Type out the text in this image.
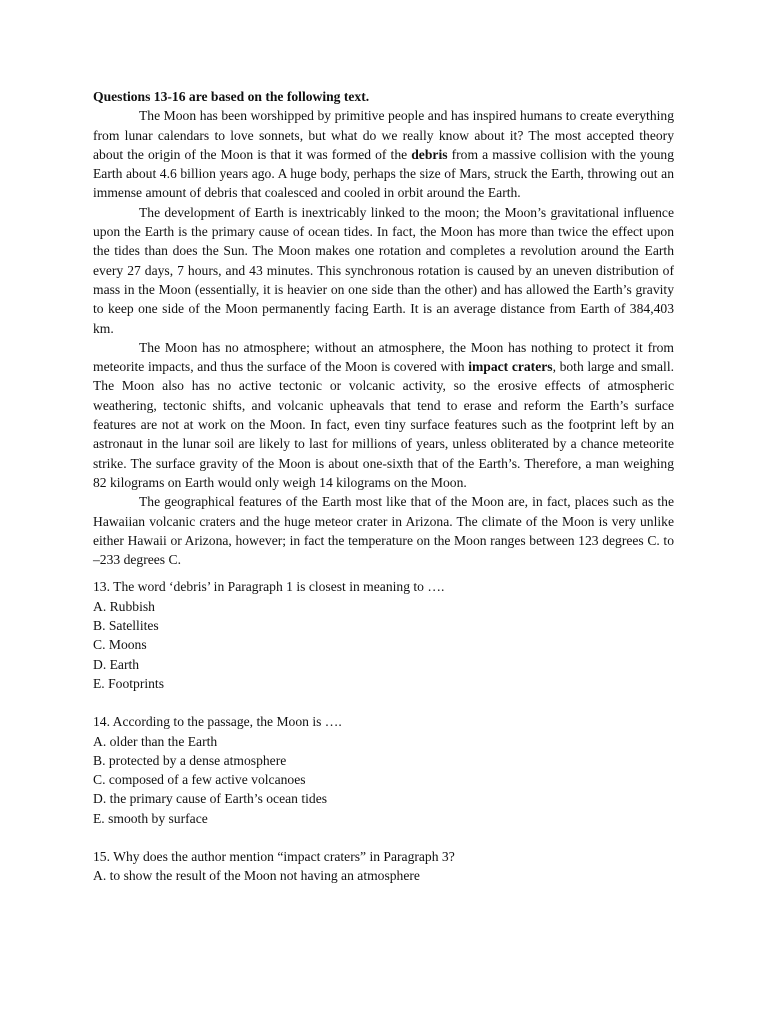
Questions 13-16 are based on the following text.

The Moon has been worshipped by primitive people and has inspired humans to create everything from lunar calendars to love sonnets, but what do we really know about it? The most accepted theory about the origin of the Moon is that it was formed of the debris from a massive collision with the young Earth about 4.6 billion years ago. A huge body, perhaps the size of Mars, struck the Earth, throwing out an immense amount of debris that coalesced and cooled in orbit around the Earth.

The development of Earth is inextricably linked to the moon; the Moon’s gravitational influence upon the Earth is the primary cause of ocean tides. In fact, the Moon has more than twice the effect upon the tides than does the Sun. The Moon makes one rotation and completes a revolution around the Earth every 27 days, 7 hours, and 43 minutes. This synchronous rotation is caused by an uneven distribution of mass in the Moon (essentially, it is heavier on one side than the other) and has allowed the Earth’s gravity to keep one side of the Moon permanently facing Earth. It is an average distance from Earth of 384,403 km.

The Moon has no atmosphere; without an atmosphere, the Moon has nothing to protect it from meteorite impacts, and thus the surface of the Moon is covered with impact craters, both large and small. The Moon also has no active tectonic or volcanic activity, so the erosive effects of atmospheric weathering, tectonic shifts, and volcanic upheavals that tend to erase and reform the Earth’s surface features are not at work on the Moon. In fact, even tiny surface features such as the footprint left by an astronaut in the lunar soil are likely to last for millions of years, unless obliterated by a chance meteorite strike. The surface gravity of the Moon is about one-sixth that of the Earth’s. Therefore, a man weighing 82 kilograms on Earth would only weigh 14 kilograms on the Moon.

The geographical features of the Earth most like that of the Moon are, in fact, places such as the Hawaiian volcanic craters and the huge meteor crater in Arizona. The climate of the Moon is very unlike either Hawaii or Arizona, however; in fact the temperature on the Moon ranges between 123 degrees C. to –233 degrees C.

13. The word ‘debris’ in Paragraph 1 is closest in meaning to ….

A. Rubbish
B. Satellites
C. Moons
D. Earth
E. Footprints

14. According to the passage, the Moon is ….

A. older than the Earth
B. protected by a dense atmosphere
C. composed of a few active volcanoes
D. the primary cause of Earth’s ocean tides
E. smooth by surface

15. Why does the author mention “impact craters” in Paragraph 3?

A. to show the result of the Moon not having an atmosphere
